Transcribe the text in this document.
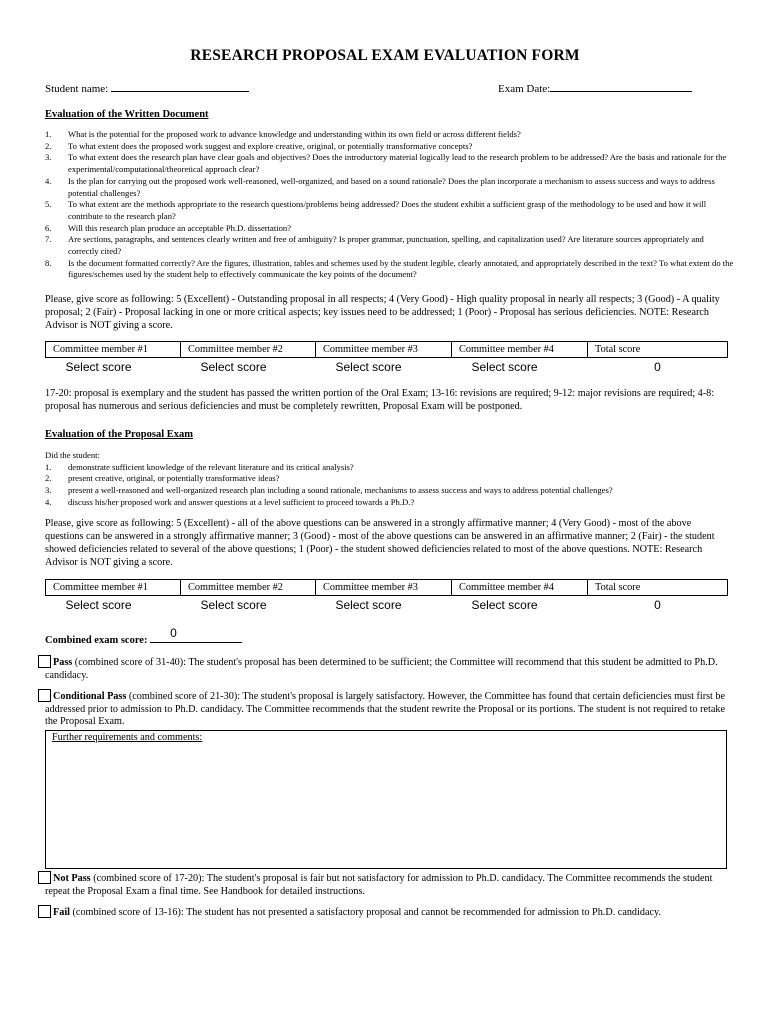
RESEARCH PROPOSAL EXAM EVALUATION FORM
Student name:	Exam Date:
Evaluation of the Written Document
1.	What is the potential for the proposed work to advance knowledge and understanding within its own field or across different fields?
2.	To what extent does the proposed work suggest and explore creative, original, or potentially transformative concepts?
3.	To what extent does the research plan have clear goals and objectives? Does the introductory material logically lead to the research problem to be addressed? Are the basis and rationale for the experimental/computational/theoretical approach clear?
4.	Is the plan for carrying out the proposed work well-reasoned, well-organized, and based on a sound rationale? Does the plan incorporate a mechanism to assess success and ways to address potential challenges?
5.	To what extent are the methods appropriate to the research questions/problems being addressed? Does the student exhibit a sufficient grasp of the methodology to be used and how it will contribute to the research plan?
6.	Will this research plan produce an acceptable Ph.D. dissertation?
7.	Are sections, paragraphs, and sentences clearly written and free of ambiguity? Is proper grammar, punctuation, spelling, and capitalization used? Are literature sources appropriately and correctly cited?
8.	Is the document formatted correctly? Are the figures, illustration, tables and schemes used by the student legible, clearly annotated, and appropriately described in the text? To what extent do the figures/schemes used by the student help to effectively communicate the key points of the document?
Please, give score as following: 5 (Excellent) - Outstanding proposal in all respects; 4 (Very Good) - High quality proposal in nearly all respects; 3 (Good) - A quality proposal; 2 (Fair) - Proposal lacking in one or more critical aspects; key issues need to be addressed; 1 (Poor) - Proposal has serious deficiencies. NOTE: Research Advisor is NOT giving a score.
Committee member #1	Committee member #2	Committee member #3	Committee member #4	Total score

Select score	Select score	Select score	Select score	0
17-20: proposal is exemplary and the student has passed the written portion of the Oral Exam; 13-16: revisions are required; 9-12: major revisions are required; 4-8: proposal has numerous and serious deficiencies and must be completely rewritten, Proposal Exam will be postponed.
Evaluation of the Proposal Exam
Did the student:
1.	demonstrate sufficient knowledge of the relevant literature and its critical analysis?
2.	present creative, original, or potentially transformative ideas?
3.	present a well-reasoned and well-organized research plan including a sound rationale, mechanisms to assess success and ways to address potential challenges?
4.	discuss his/her proposed work and answer questions at a level sufficient to proceed towards a Ph.D.?
Please, give score as following: 5 (Excellent) - all of the above questions can be answered in a strongly affirmative manner; 4 (Very Good) - most of the above questions can be answered in a strongly affirmative manner; 3 (Good) - most of the above questions can be answered in an affirmative manner; 2 (Fair) - the student showed deficiencies related to several of the above questions; 1 (Poor) - the student showed deficiencies related to most of the above questions. NOTE: Research Advisor is NOT giving a score.
Committee member #1	Committee member #2	Committee member #3	Committee member #4	Total score

Select score	Select score	Select score	Select score	0
Combined exam score:
0
Pass (combined score of 31-40): The student's proposal has been determined to be sufficient; the Committee will recommend that this student be admitted to Ph.D. candidacy.
Conditional Pass (combined score of 21-30): The student's proposal is largely satisfactory. However, the Committee has found that certain deficiencies must first be addressed prior to admission to Ph.D. candidacy. The Committee recommends that the student rewrite the Proposal or its portions. The student is not required to retake the Proposal Exam.
Further requirements and comments:
Not Pass (combined score of 17-20): The student's proposal is fair but not satisfactory for admission to Ph.D. candidacy. The Committee recommends the student repeat the Proposal Exam a final time. See Handbook for detailed instructions.
Fail (combined score of 13-16): The student has not presented a satisfactory proposal and cannot be recommended for admission to Ph.D. candidacy.
